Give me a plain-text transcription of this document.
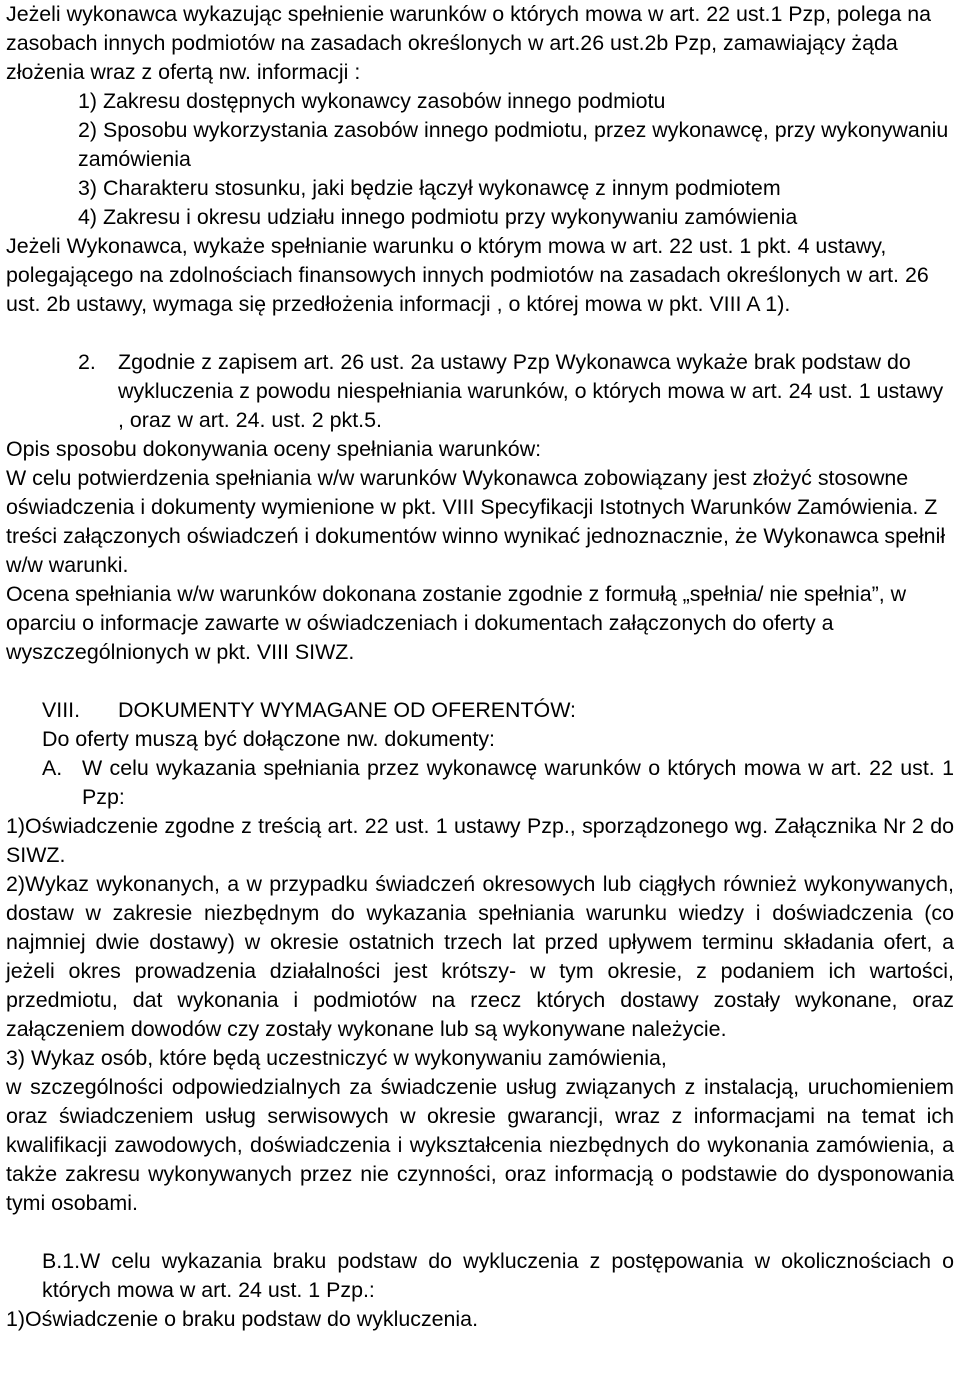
Jeżeli wykonawca wykazując spełnienie warunków o których mowa w art. 22 ust.1 Pzp, polega na zasobach innych podmiotów na zasadach określonych w art.26 ust.2b Pzp, zamawiający żąda złożenia wraz z ofertą nw. informacji :

1) Zakresu dostępnych wykonawcy zasobów innego podmiotu

2) Sposobu wykorzystania zasobów innego podmiotu, przez wykonawcę, przy wykonywaniu zamówienia

3) Charakteru stosunku, jaki będzie łączył wykonawcę z innym podmiotem

4) Zakresu i okresu udziału innego podmiotu przy wykonywaniu zamówienia

Jeżeli Wykonawca, wykaże spełnianie warunku o którym mowa w art. 22 ust. 1 pkt. 4 ustawy, polegającego na zdolnościach finansowych innych podmiotów na zasadach określonych w art. 26 ust. 2b ustawy, wymaga się przedłożenia informacji , o której mowa w pkt. VIII A 1).

2.	Zgodnie z zapisem art. 26 ust. 2a ustawy Pzp Wykonawca wykaże brak podstaw do wykluczenia z powodu niespełniania warunków, o których mowa w art. 24 ust. 1 ustawy , oraz w art. 24. ust. 2 pkt.5.

Opis sposobu dokonywania oceny spełniania warunków:

W celu potwierdzenia spełniania w/w warunków Wykonawca zobowiązany jest złożyć stosowne oświadczenia i dokumenty wymienione w pkt. VIII Specyfikacji Istotnych Warunków Zamówienia. Z treści załączonych oświadczeń i dokumentów winno wynikać jednoznacznie, że Wykonawca spełnił w/w warunki.

Ocena spełniania w/w warunków dokonana zostanie zgodnie z formułą „spełnia/ nie spełnia”, w oparciu o informacje zawarte w oświadczeniach i dokumentach załączonych do oferty a wyszczególnionych w pkt. VIII SIWZ.

VIII.	DOKUMENTY WYMAGANE OD OFERENTÓW:

Do oferty muszą być dołączone nw. dokumenty:

A. W celu wykazania spełniania przez wykonawcę warunków o których mowa w art. 22 ust. 1 Pzp:

1)Oświadczenie zgodne z treścią art. 22 ust. 1 ustawy Pzp., sporządzonego wg. Załącznika Nr 2 do SIWZ.

2)Wykaz wykonanych, a w przypadku świadczeń okresowych lub ciągłych również wykonywanych, dostaw w zakresie niezbędnym do wykazania spełniania warunku wiedzy i doświadczenia (co najmniej dwie dostawy) w okresie ostatnich trzech lat przed upływem terminu składania ofert, a jeżeli okres prowadzenia działalności jest krótszy- w tym okresie, z podaniem ich wartości, przedmiotu, dat wykonania i podmiotów na rzecz których dostawy zostały wykonane, oraz załączeniem dowodów czy zostały wykonane lub są wykonywane należycie.

3) Wykaz osób, które będą uczestniczyć w wykonywaniu zamówienia,

w szczególności odpowiedzialnych za świadczenie usług związanych z instalacją, uruchomieniem oraz świadczeniem usług serwisowych w okresie gwarancji, wraz z informacjami na temat ich kwalifikacji zawodowych, doświadczenia i wykształcenia niezbędnych do wykonania zamówienia, a także zakresu wykonywanych przez nie czynności, oraz informacją o podstawie do dysponowania tymi osobami.

B.1.W celu wykazania braku podstaw do wykluczenia z postępowania w okolicznościach o których mowa w art. 24 ust. 1 Pzp.:

1)Oświadczenie o braku podstaw do wykluczenia.
